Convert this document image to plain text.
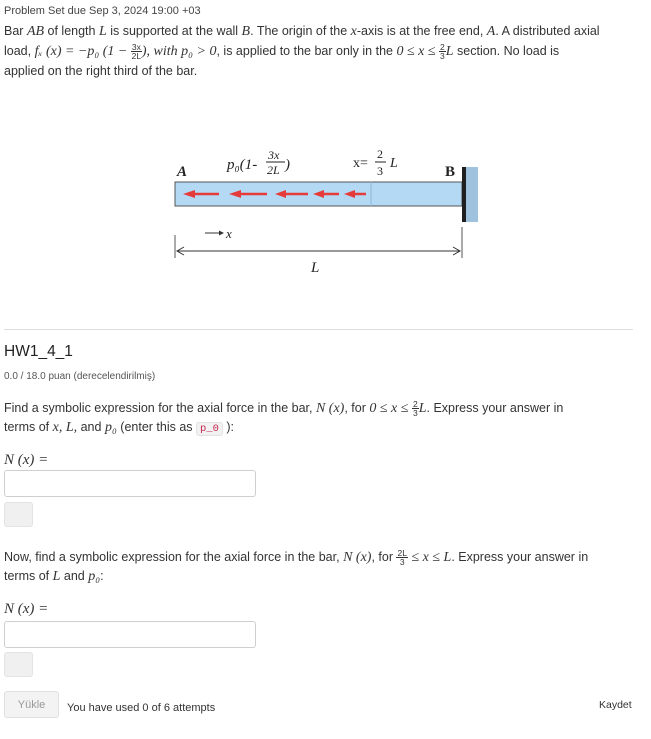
Problem Set due Sep 3, 2024 19:00 +03
Bar AB of length L is supported at the wall B. The origin of the x-axis is at the free end, A. A distributed axial
load, fₓ (x) = −p₀ ($1 - \frac{3x}{2L}$ ), with p₀ > 0, is applied to the bar only in the $0 \le x \le \frac{2}{3}$ L section. No load is
applied on the right third of the bar.
A	B
p₀(1-
3x
2L )	x=
2
3 L
x
L
HW1_4_1
0.0 / 18.0 puan (derecelendirilmiş)
Find a symbolic expression for the axial force in the bar, N (x), for $0 \le x \le \frac{2}{3} L$. Express your answer in
terms of x, L, and p₀ (enter this as p_0 ):
N (x) =
Now, find a symbolic expression for the axial force in the bar, N (x), for $\frac{2L}{3} \le x \le L$. Express your answer in
terms of L and p₀:
N (x) =
Yükle	You have used 0 of 6 attempts	Kaydet
